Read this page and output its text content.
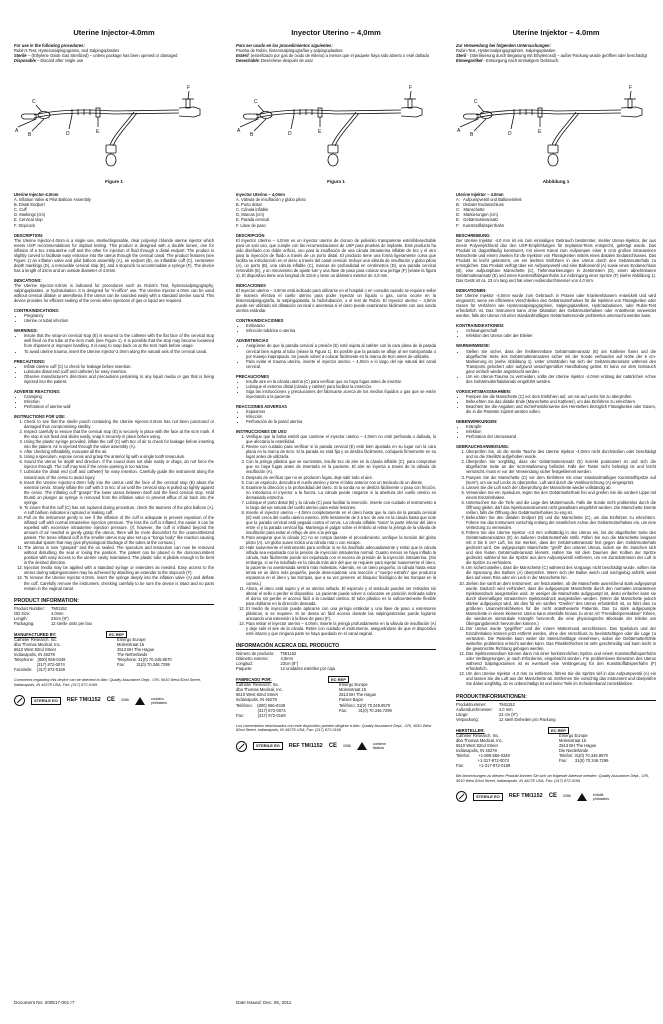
Uterine Injector-4.0mm
For use in the following procedures:
Rubin's Test, Hysterosalpingograms, and Salpingoplasties
Sterile -- (Ethylene Oxide Gas Sterilized) – unless package has been opened or damaged
Disposable – Discard after single use
A
B
C
D	E
F
Figure 1
Uterine Injector-4.0mm
A. Inflation Valve & Pilot Balloon Assembly
B. Distal Endport
C. Cuff
D. Markings (cm)
E. Cervical stop
F. Stopcock
DESCRIPTION:

The Uterine Injector-4.0mm is a single use, sterile/disposable, clear polyvinyl chloride uterine injector which meets USP recommendations for implant testing. This product is designed with a double lumen, one for inflation of a 5cc intrauterine cuff and the other for injection of fluid through a distal endport. The product is slightly curved to facilitate easy entrance into the uterus through the cervical canal. The product features (see Figure 1) an inflation valve and pilot balloon assembly (A), an endport (B), an inflatable cuff (C), centimeter depth markings (D), a removable cervical stop (E), and a stopcock to accommodate a syringe (F). The device has a length of 23cm and an outside diameter of 4.0mm.

INDICATIONS:

The Uterine Injector-4.0mm is indicated for procedures such as Rubin's Test, hysterosalpingography, salpingoplasties, or hydrotubation. It is designed for "in-office" use. The Uterine Injector-4.0mm can be used without cervical dilation or anesthesia if the uterus can be sounded easily with a standard uterine sound. This device provides for efficient sealing of the cervix when injections of gas or liquid are required.

CONTRAINDICATIONS:
• Pregnancy
• Uterine or tubal infection
WARNINGS:
• Insure that the snap-on cervical stop (E) is secured to the catheter with the flat face of the cervical stop well fixed on the tube at the 6cm mark (see Figure 1). It is possible that the stop may become loosened from shipment or improper handling. It is easy to snap back on at the 6cm mark before usage.
• To avoid uterine trauma, insert the Uterine Injector-2.0mm along the natural axis of the cervical canal.
PRECAUTIONS:
• Inflate uterine cuff (C) to check for leakage before insertion.
• Lubricate distal end (cuff and catheter) for easy insertion.
• Observe manufacturer's directions and precautions pertaining to any liquid media or gas that is being injected into the patient.
ADVERSE REACTIONS:
• Cramping
• Infection
• Perforation of uterine wall
INSTRUCTIONS FOR USE:
1. Check to see that the sterile pouch containing the Uterine Injector-4.0mm has not been punctured or damaged thus compromising sterility.
2. Inspect carefully to ensure that the cervical stop (E) is securely in place with the face at the 6cm mark. If the stop is not fixed and slides easily, snap it securely in place before using.
3. Using the plastic syringe provided, inflate the cuff (C) with 5cc of air to check for leakage before inserting into the patient. Air is injected through the valve assembly (A).
4. After checking inflatability, evacuate all the air.
5. Using a speculum, expose cervix and grasp the anterior lip with a single tooth tenaculum.
6. Sound the uterus for depth and direction. If the sound does not slide easily or drags, do not force the injector through. The cuff may tear if the cervix opening is too narrow.
7. Lubricate the distal end (cuff and catheter) for easy insertion. Carefully guide the instrument along the natural axis of the cervix to avoid injury.
8. Insert the Uterine Injector-4.0mm fully into the uterus until the face of the cervical stop (E) abuts the external cervix. Slowly inflate the cuff with 3 to 5cc of air until the cervical stop is pulled up tightly against the cervix. The inflating cuff "grasps" the lower uterus between itself and the fixed cervical stop. Hold thumb on plunger as syringe is removed from the inflation valve to prevent efflux of air back into the syringe.
9. To insure that the cuff (C) has not ruptured during procedure, check the tautness of the pilot balloon (A). A soft balloon indicates a ruptured or leaking cuff.
10. Pull on the instrument gently to see if the inflation of the cuff is adequate to prevent expulsion of the inflated cuff with normal intrauterine injection pressure. The less the cuff is inflated, the easier it can be expelled with excessive intrauterine injection pressure. (If, however, the cuff is inflated beyond the amount of air needed to gently grasp the uterus, there will be more discomfort for the unanesthetized patient. The tense inflated cuff in the smaller uterus may also set up a "bongo body" like reaction causing uterotubal spasm that may give physiological blockage of the tubes at the cornuas.)
11. The uterus is now "grasped" and the os sealed. The speculum and tenaculum can now be removed without disturbing the seal or losing the position. The patient can be placed in the dorsorecumbent position with easy access to the uterine cavity maintained. The plastic tube is pliable enough to be bent in the desired direction.
12. Injection media may be applied with a standard syringe or extenders as needed. Easy access to the uterus during salpingostomies may be achieved by attaching an extender to the stopcock (F).
13. To remove the Uterine Injector-4.0mm, insert the syringe deeply into the inflation valve (A) and deflate the cuff. Carefully remove the instrument, checking carefully to be sure the device is intact and no parts remain in the vaginal canal.
PRODUCT INFORMATION:
Product Number:	TMI1152
OD Size:	4.0mm
Length:	23cm (9")
Packaging:	12 sterile units per box
MANUFACTURED BY:	EC REP
Catheter Research, Inc.
dba Thomas Medical, Inc.
5610 West 82nd Street
Indianapolis, IN 46278
Telephone:   (800) 556-0349
(317) 872-0074
Facsimile:    (317) 872-0169
Emergo Europe
Molenstraat 15
2513 BH The Hague
The Netherlands
Telephone: 31(0) 70.345.8570
Fax:          31(0) 70.346.7299
Comments regarding this device can be directed to Attn: Quality Assurance Dept., CRI, 5610 West 82nd Street, Indianapolis, IN 46278 USA, Fax: (317) 872-0169
STERILE EO	REF TMI1152 CE 0086	contains phthalates
Inyector Uterino – 4,0mm
Para ser usado en los procedimientos siguientes:
Prueba de Rubin, histerosalpingografías y salpingoplastias
Estéril: (esterilizado por gas de óxido de etileno) a menos que el paquete haya sido abierto o esté dañado
Desechable: Deséchese después de usar
A
B
C
D	E
F
Figura 1
Inyector Uterino – 4,0mm
A. Válvula de insuflación y globo piloto
B. Porto distal
C. Cánula inflable
D. Marcas (cm)
E. Parada cervical
F. Llave de paso
DESCRIPCIÓN

El Inyector Uterino – 4,0mm es un inyector uterino de cloruro de polivinilo transparente estéril/desechable para un solo uso, que cumple con las recomendaciones de USP para pruebas de implante. Este producto ha sido diseñado con doble orificio, uno para la insuflación de una cánula intrauterina inflable de 5cc y el otro para la inyección de fluido a través de un porto distal. El producto tiene una forma ligeramente curva que facilita su introducción en el útero a través del canal cervical. Incluye una válvula de insuflación y globo piloto (A), un porto (B), una cánula inflable (C), marcas de profundidad en centímetros (D), una parada cervical removible (E), y un mecanismo de ajuste luer y una llave de paso para colocar una jeringa (F) (véase la figura 1). El dispositivo tiene una longitud de 23cm y tiene un diámetro exterior de 4,0 mm.

INDICACIONES

El Inyector uterino – 4,0mm está indicado para utilizarse en el hospital o en consulta cuando se requiere sellar de manera efectiva el cuello uterino para poder inyectar un líquido o gas, como ocurre en la histerosalpingografía, la salpingoplastia, la hidrotubación, o el test de Rubin. El Inyector uterino – 4,0mm puede ser utilizado sin dilatación cervical o anestesia si el útero puede examinarse fácilmente con una sonda uterina estándar.

CONTRAINDICACIONES
• Embarazo
• Infección tubárica o uterina
ADVERTENCIAS
• Asegúrese de que la parada cervical a presión (E) esté sujeta al catéter con la cara plana de la parada cervical bien sujeta al tubo (véase la Figura 1). Es posible que la parada se afloje al ser transportada o por manejo inapropiado. Se puede volver a colocar fácilmente en la marca de 6cm antes de utilizarla.
• Para evitar el trauma uterino, inserte el inyector uterino – 4,0mm a lo largo del eje natural del canal cervical.
PRECAUCIONES
• Insufle aire en la cánula uterina (C) para verificar que no haya fugas antes de insertar.
• Lubrique el extremo distal (cánula y catéter) para facilitar la inserción.
• Siga las instrucciones y precauciones del fabricante acerca de los medios líquidos o gas que se estén inyectando a la paciente.
REACCIONES ADVERSAS
• Espasmos
• Infección
• Perforación de la pared uterina
INSTRUCCIONES DE USO
1. Verifique que la bolsa estéril que contiene el inyector uterino – 4,0mm no esté perforada o dañada, lo que afectaría la esterilidad.
2. Revise con cuidado para verificar si la parada cervical (E) esté bien ajustada en su lugar con la cara plana en la marca de 6cm. Si la parada no está fija y se desliza fácilmente, colóquela firmemente en su lugar antes de utilizarla.
3. Con la jeringa plástica que se suministra, insufle 5cc de aire en la cánula inflable (C), para comprobar que no haya fugas antes de insertarla en la paciente. El aire se inyecta a través de la válvula de insuflación (A).
4. Después de verificar que no se producen fugas, deje salir todo el aire.
5. Con un espéculo, descubra el cuello uterino y tome el labio anterior con un tenáculo de un diente.
6. Examine la dirección y la profundidad del útero. Si la sonda no se desliza fácilmente o pasa con fricción, no introduzca el inyector a la fuerza. La cánula puede rasgarse si la abertura del cuello uterino es demasiado estrecha.
7. Lubrique el porto distal (B) y la cánula (C) para facilitar la inserción. Inserte con cuidado el instrumento a lo largo del eje natural del cuello uterino para evitar lesiones.
8. Inserte el inyector uterino – 4,0mm completamente en el útero hasta que la cara de la parada cervical (E) esté cerca del cuello uterino externo. Infle lentamente de 3 a 5cc de aire en la cánula hasta que note que la parada cervical está pegada contra el cervix. La cánula inflable "toma" la parte inferior del útero entre sí y la parada cervical fija. Mantenga el pulgar sobre el émbolo al retirar la jeringa de la válvula de insuflación para evitar el reflujo de aire a la jeringa.
9. Para asegurar que la cánula (C) no se rompa durante el procedimiento, verifique la tensión del globo piloto (A). Un globo suave indica una cánula rota o con escape.
10. Hale suavemente el instrumento para verificar si se ha insuflado adecuadamente y evitar que la cánula inflada sea expulsada con la presión de inyección intrauterina normal. Cuanto menos se haya inflado la cánula, más fácilmente puede ser expulsada con el exceso de presión de la inyección intrauterina. (Sin embargo, si se ha insuflado en la cánula más aire del que se requiere para sujetar suavemente el útero, la paciente no anestesiada sentirá más molestias. Además, en un útero pequeño, la cánula hasta estar tensa en un útero más pequeño, puede desencadenar una reacción o "cuerpo extraño" que produzca espasmos en el útero y las trompas, que a su vez generen un bloqueo fisiológico de las trompas en la cornea.)
11. Ahora, el útero está sujeto y el os uterino sellado. El espéculo y el tenáculo pueden ser retirados sin alterar el sello o perder el dispositivo. La paciente puede volver a colocarse en posición reclinada sobre el dorso sin perder el acceso fácil a la cavidad uterina. El tubo plástico es lo suficientemente flexible para doblarse en la dirección deseada.
12. El medio de inyección puede aplicarse con una jeringa estándar y una llave de paso o extensores plásticos, si se requiere. Si se desea un fácil acceso durante las salpingostomías puede lograrse anexando una extensión a la llave de paso (F).
13. Para retirar el inyector uterino – 4,0mm, inserte la jeringa profundamente en la válvula de insuflación (A) y deje salir el aire de la cánula. Retire con cuidado el instrumento, asegurándose de que el dispositivo esté intacto y que ninguna parte se haya quedado en el canal vaginal.
INFORMACIÓN ACERCA DEL PRODUCTO
Número de producto:	TMI1152
Diámetro externo:	4,0mm
Longitud:	23cm (9")
Paquete:	12 unidades estériles por caja
FABRICADO POR:	EC REP
Catheter Research, Inc.
dba Thomas Medical, Inc.
5610 West 82nd Street
Indianapolis, IN 46278
Teléfono:    (800) 556-0349
(317) 872-0074
Fax:            (317) 872-0169
Emergo Europe
Molenstraat 15
2513 BH The Hague
Países Bajos
Teléfono: 31(0) 70.345.8570
Fax:          31(0) 70.346.7299
Los comentarios relacionados con este dispositivo pueden dirigirse a Attn: Quality Assurance Dept., CRI, 5610 West 82nd Street, Indianapolis, IN 46278 USA, Fax: (317) 872-0169
STERILE EO	REF TMI1152 CE 0086	contiene ftalatos
Uterine Injektor – 4.0mm
Zur Verwendung bei folgenden Untersuchungen:
Rubin-Test, Hysterosalpingographien, Salpingoplastien
Steril - (Sterilisierung durch Begasung mit Ethylenoxid) – außer Packung wurde geöffnet oder beschädigt
Einwegartikel - Entsorgung nach einmaligem Gebrauch.
A
B
C
D	E
F
Abbildung 1
Uterine Injektor – 4.0mm
A:   Aufpumpventil und Balloneinheit
B:   Distaler Endanschluss
C:   Manschette
D:   Markierungen (cm)
E:   Gebärmutteransatz
F:   Kunststoffabsperrhahn
BESCHREIBUNG:

Der Uterine Injektor -4.0 mm ist ein zum einmaligen Gebrauch bestimmter, steriler Uterus-Injektor, der aus einem Polyvinylchlorid das den USP-Empfehlungen für Implantat-Tests entspricht, gefertigt wurde. Das Produkt ist doppeltläufig konstruiert, mit einem Kanal zum Aufpumpen einer 5 cm3 großen intrauterinen Manschette und einem zweiten für die Injektion von Flüssigkeiten mittels eines distalen Endanschlusses. Das Produkt ist leicht gekrümmt, um ein leichtes Einführen in den Uterus durch den Gebärmutterhals zu ermöglichen. Das Produkt verfügt über ein Aufpumpventil und eine Ballonventil (A) sowie einen Endanschluss (B), eine aufpumpbare Manschette (C), Tiefenmarkierungen in Zentimetern (D), einen abnehmbaren Gebärmutteransatz (E) und einen Kunststoffabsperrhahn zur Anbringung einer Spritze (F) (siehe Abbildung 1). Das Gerät ist ca. 23 cm lang und hat einen Außendurchmesser von 4.0 mm.

INDIKATIONEN:

Der Uterine Injektor -4.0mm wurde zum Gebrauch in Praxen oder Krankenhäusern entwickelt und wird eingesetzt, wenn ein effizientes Verschließen des Gebärmutterhalses für die Injektion von Flüssigkeiten oder Gasen für Verfahren wie Hysterosalpingographien, Salpingoplastiken, Hydrotubationen, oder Rubin-Test erforderlich ist. Das Instrument kann ohne Dilatation des Gebärmutterhalses oder Anästhesie verwendet werden, falls der Uterus mit einer standardmäßigen Gebärmuttersonde problemlos untersucht werden kann.

KONTRAINDIKATIONEN:
• Schwangerschaft
• Infektion des Uterus oder der Eileiter
WARNHINWEISE:
• Stellen Sie sicher, dass der festklemmbare Gebärmutteransatz (E) am Katheter fixiert und die abgeflachte Seite des Gebärmutteransatzes sicher mit der Sonde verbunden auf Höhe der 6 cm-Markierung ist (siehe Abbildung 1). Unter Umständen hat sich der Gebärmutteransatz während des Transports gelockert oder aufgrund unsachgemäßer Handhabung gelöst. Er kann vor dem Gebrauch ganz einfach wieder angebracht werden.
• Um ein Uterus-Trauma zu vermeiden, sollte der Uterine Injektor -4.0mm entlang der natürlichen Achse des Gebärmutterhalskanals eingeführt werden.
VORSICHTSMASSNAHMEN:
• Pumpen Sie die Manschette (C) vor dem Einführen auf, um sie auf Lecks hin zu überprüfen.
• Befeuchten Sie das distale Ende (Manschette und Katheter), um das Einführen zu erleichtern.
• Beachten Sie die Angaben und Sicherheitshinweise des Herstellers bezüglich Flüssigkeiten oder Gasen, die in die Patientin injiziert werden sollen.
NEBENWIRKUNGEN:
• Krämpfe
• Infektion
• Perforation der Uteruswand
GEBRAUCHSANWEISUNG:
1. Überprüfen Sie, ob die sterile Tasche des Uterine Injektor -4.0mm nicht durchstoßen oder beschädigt und so die Sterilität aufgehoben wurde.
2. Überprüfen Sie sorgfältig, dass der Gebärmutteransatz (E) korrekt positioniert ist und sich die abgeflachte Seite an der 6cm-Markierung befindet. Falls der Taster nicht befestigt ist und leicht verrutscht, muss er vor der Verwendung sicher festgeklemmt werden.
3. Pumpen Sie die Manschette (C) vor dem Einführen mit einer standardmäßigen Kunststoffspritze auf (5cm³), um sie auf Lecks zu überprüfen. Luft wird durch die Ventilvorrichtung (A) eingespritzt.
4. Lassen Sie die Luft nach der Überprüfung der Manschette wieder vollständig ab.
5. Verwenden Sie ein Spekulum, legen Sie den Gebärmutterhals frei und greifen Sie die vordere Lippe mit einem Einzahnhaken.
6. Untersuchen Sie die Tiefe und die Lage des Muttermunds. Falls die Sonde nicht problemlos durch die Öffnung gleitet, darf das Injektionsinstrument nicht gewaltsam eingeführt werden. Die Manschette könnte reißen, falls die Öffnung des Gebärmutterhalses zu eng ist.
7. Befeuchten Sie den distalen Endport (B) und die Manschette (C), um das Einführen zu erleichtern. Führen Sie das Instrument vorsichtig entlang der natürlichen Achse des Gebärmutterhalses ein, um eine Verletzung zu vermeiden.
8. Führen Sie den Uterine Injektor -4.0 mm vollständig in den Uterus ein, bis die abgeflachte Seite des Gebärmutteransatzes (E) an äußeren Gebärmutterhals stößt. Füllen Sie nun die Manschette langsam mit 3 bis 5 cm³ Luft, bis Sie merken, dass der Gebärmutteransatz fest gegen den Gebärmutterhals gedrückt wird. Die aufgepumpte Manschette "greift" den unteren Uterus, indem sie ihn zwischen sich und den festen Gebärmutteransatz klemmt. Halten Sie mit dem Daumen den Kolben der Spritze gedrückt, während Sie die Spritze aus dem Aufpumpventil entfernen, um ein Zurückströmen der Luft in die Spritze zu verhindern.
9. Um sicherzustellen, dass die Manschette (C) während des Vorgangs nicht beschädigt wurde, sollten Sie die Spannung des Ballons (A) überprüfen. Wenn sich der Ballon weich und nachgiebig anfühlt, weist dies auf einen Riss oder ein Leck in der Manschette hin.
10. Ziehen Sie sanft an dem Instrument, um festzustellen, ob die Manschette ausreichend stark aufgepumpt wurde. Dadurch wird verhindert, dass die aufgepumpte Manschette durch den normalen intrauterinen Injektionsdruck ausgestoßen wird. Je weniger die Manschette aufgepumpt ist, desto einfacher kann sie durch übermäßigen intrauterinen Injektionsdruck ausgestoßen werden. (Wenn die Manschette jedoch stärker aufgepumpt wird, als dies für ein sanftes "Greifen" des Uterus erforderlich ist, so führt dies zu größeren Unannehmlichkeiten für die nicht anästhesierte Patientin. Das zu stark aufgepumpte Manschette in einem kleineren Uterus kann ebenfalls hinaus zu einer Art "Fremdkörperreaktion" führen, die wiederum uterotubale Krämpfe hervorruft, die eine physiologische Blockade der Eileiter am Übergangsbereich hervorrufen können.)
11. Der Uterus wurde "gegriffen" und der innere Muttermund verschlossen. Das Spekulum und der Einzahnhaken können jetzt entfernt werden, ohne den Verschluss zu beeinträchtigen oder die Lage zu verändern. Die Patientin kann weiter die Steinschnittlage einnehmen, wobei die Gebärmutterhöhle weiterhin problemlos erreicht werden kann. Das Plastikröhrchen ist sehr geschmeidig und kann leicht in die gewünschte Richtung gebogen werden.
12. Das Injektionsmedium können dann mit einer herkömmlichen Spritze und einem Kunststoffabsperrhahn oder Verlängerungen, je nach Erfordernis, eingebracht werden. Für problemloses Einsetzen des Uterus während Salpingostomien ist es eventuell eine Verlängerung für den Kunststoffabsperrhahn (F) erforderlich.
13. Um den Uterine Injektor -4.0 mm zu entfernen, führen Sie die Spritze tief in das Aufpumpventil (A) ein und lassen Sie die Luft aus der Manschette ab. Entfernen Sie vorsichtig das Instrument und überprüfen Sie dabei sorgfältig, ob es unbeschädigt ist und keine Teile im Scheidenkanal zurückbleiben.
PRODUKTINFORMATIONEN:
Produktnummer:	TMI1152
Außendurchmesser:	4.0 mm
Länge:	23 cm (9")
Verpackung:	12 steril Einheiten pro Packung
HERSTELLER:	EC REP
Catheter Research, Inc.
dba Thomas Medical, Inc.
5610 West 82nd Street
Indianapolis, IN 46278
Telefon:       +1-800-556-0349
+1-317-872-0074
Fax:             +1-317-872-0169
Emergo Europe
Molenstraat 15
2513 BH The Hague
Die Niederlande
Telefon: 31(0) 70.345.8570
Fax:       31(0) 70.346.7299
Bei Anmerkungen zu diesem Produkt können Sie sich an folgende Adresse wenden: Quality Assurance Dept., CRI, 5610 West 82nd Street, Indianapolis, IN 46278 USA, Fax: (317) 872-0169
STERILE EO	REF TMI1152 CE 0086	enthält phthalates
Document No: 200517-001 r7	Date Issued: Dec. 06, 2011
